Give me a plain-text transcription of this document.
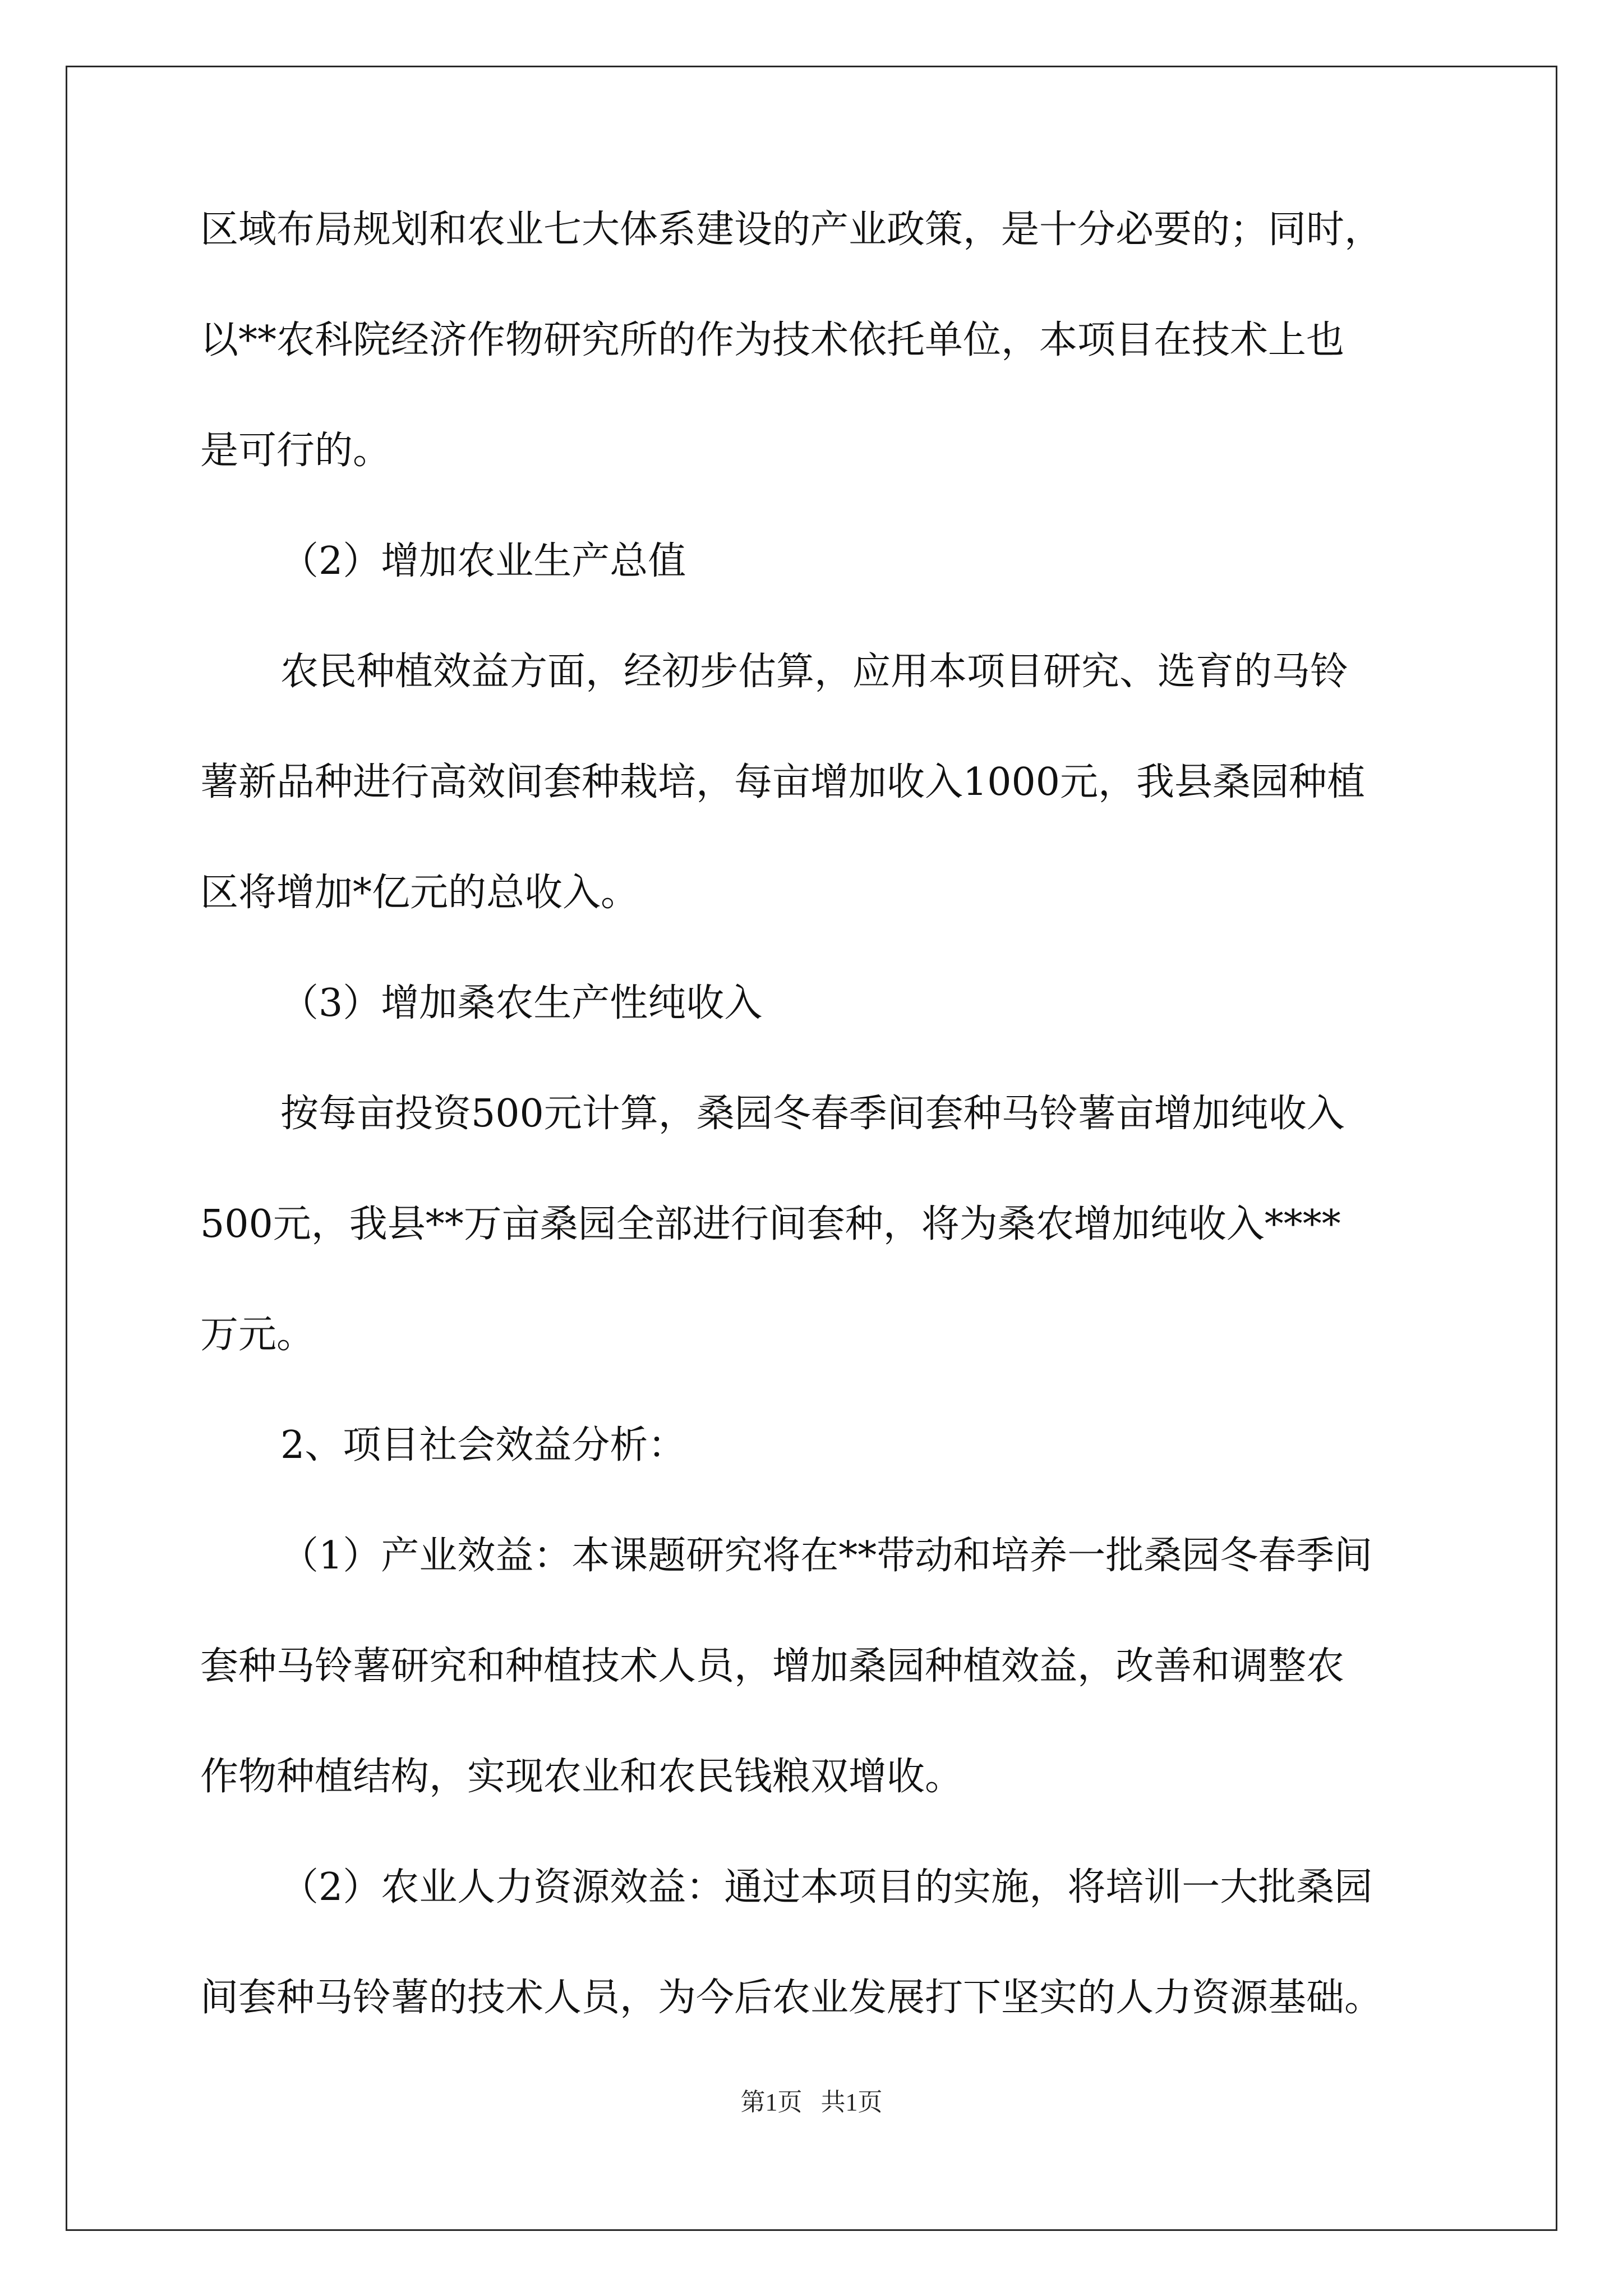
区域布局规划和农业七大体系建设的产业政策，是十分必要的；同时，
以**农科院经济作物研究所的作为技术依托单位，本项目在技术上也
是可行的。
（2）增加农业生产总值
农民种植效益方面，经初步估算，应用本项目研究、选育的马铃
薯新品种进行高效间套种栽培，每亩增加收入1000元，我县桑园种植
区将增加*亿元的总收入。
（3）增加桑农生产性纯收入
按每亩投资500元计算，桑园冬春季间套种马铃薯亩增加纯收入
500元，我县**万亩桑园全部进行间套种，将为桑农增加纯收入****
万元。
2、项目社会效益分析：
（1）产业效益：本课题研究将在**带动和培养一批桑园冬春季间
套种马铃薯研究和种植技术人员，增加桑园种植效益，改善和调整农
作物种植结构，实现农业和农民钱粮双增收。
（2）农业人力资源效益：通过本项目的实施，将培训一大批桑园
间套种马铃薯的技术人员，为今后农业发展打下坚实的人力资源基础。
第1页   共1页
